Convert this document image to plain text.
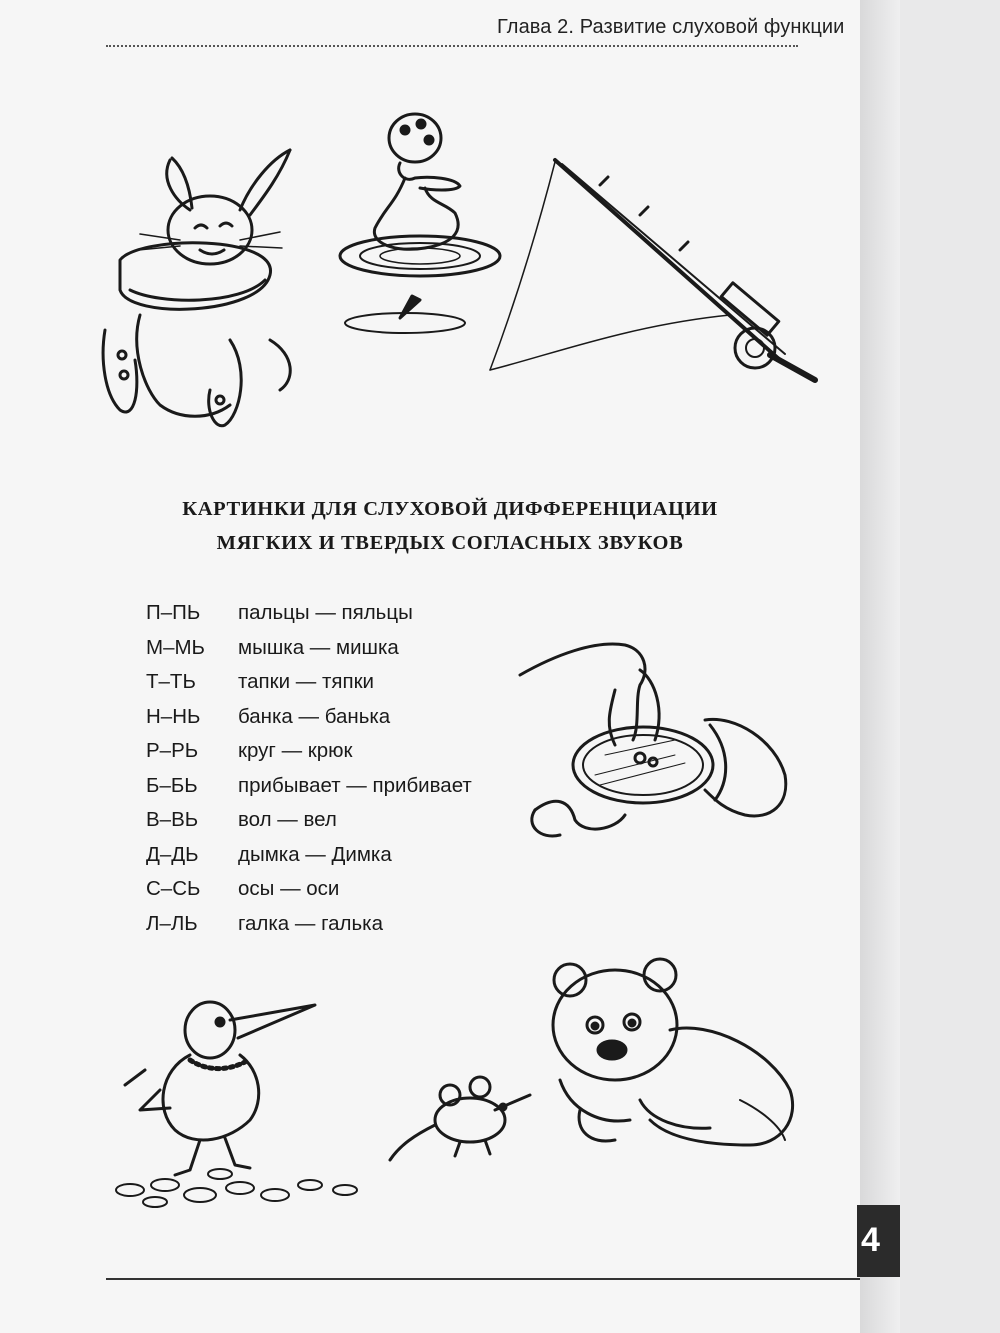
Глава 2. Развитие слуховой функции
КАРТИНКИ ДЛЯ СЛУХОВОЙ ДИФФЕРЕНЦИАЦИИ
МЯГКИХ И ТВЕРДЫХ СОГЛАСНЫХ ЗВУКОВ
П–ПЬ	пальцы — пяльцы
М–МЬ	мышка — мишка
Т–ТЬ	тапки — тяпки
Н–НЬ	банка — банька
Р–РЬ	круг — крюк
Б–БЬ	прибывает — прибивает
В–ВЬ	вол — вел
Д–ДЬ	дымка — Димка
С–СЬ	осы — оси
Л–ЛЬ	галка — галька
4
